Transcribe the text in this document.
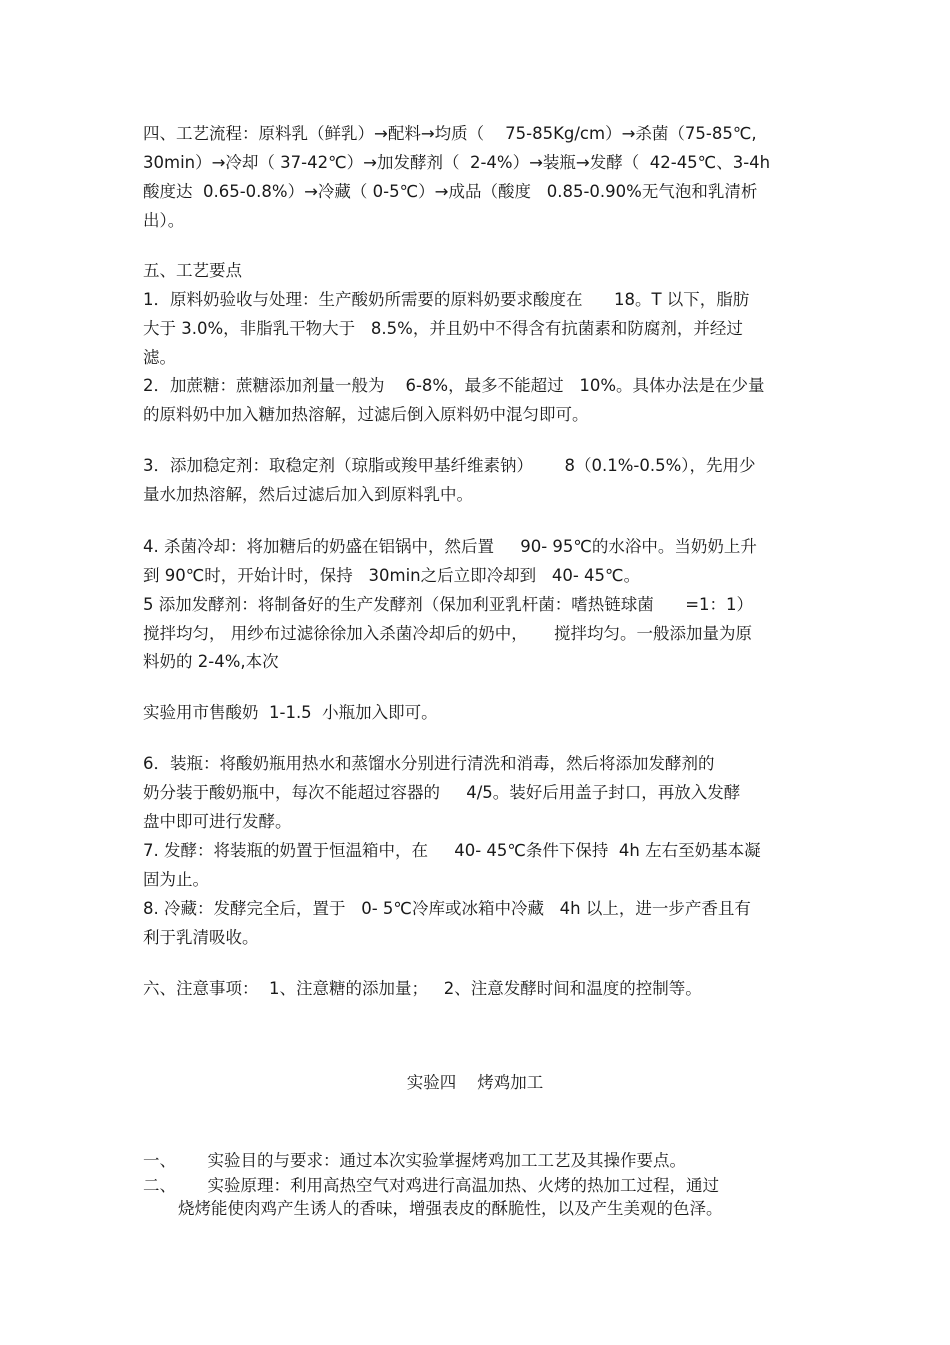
四、工艺流程：原料乳（鲜乳）→配料→均质（    75-85Kg/cm）→杀菌（75-85℃,

30min）→冷却（ 37-42℃）→加发酵剂（  2-4%）→装瓶→发酵（  42-45℃、3-4h

酸度达  0.65-0.8%）→冷藏（ 0-5℃）→成品（酸度   0.85-0.90%无气泡和乳清析

出）。

五、工艺要点

1．原料奶验收与处理：生产酸奶所需要的原料奶要求酸度在      18。T 以下，脂肪

大于 3.0%，非脂乳干物大于   8.5%，并且奶中不得含有抗菌素和防腐剂，并经过

滤。

2．加蔗糖：蔗糖添加剂量一般为    6-8%，最多不能超过   10%。具体办法是在少量

的原料奶中加入糖加热溶解，过滤后倒入原料奶中混匀即可。

3．添加稳定剂：取稳定剂（琼脂或羧甲基纤维素钠）      8（0.1%-0.5%），先用少

量水加热溶解，然后过滤后加入到原料乳中。

4. 杀菌冷却：将加糖后的奶盛在铝锅中，然后置     90- 95℃的水浴中。当奶奶上升

到 90℃时，开始计时，保持   30min之后立即冷却到   40- 45℃。

5 添加发酵剂：将制备好的生产发酵剂（保加利亚乳杆菌：嗜热链球菌      =1：1）

搅拌均匀， 用纱布过滤徐徐加入杀菌冷却后的奶中，     搅拌均匀。一般添加量为原

料奶的 2-4%,本次

实验用市售酸奶  1-1.5  小瓶加入即可。

6．装瓶：将酸奶瓶用热水和蒸馏水分别进行清洗和消毒，然后将添加发酵剂的

奶分装于酸奶瓶中，每次不能超过容器的     4/5。装好后用盖子封口，再放入发酵

盘中即可进行发酵。

7. 发酵：将装瓶的奶置于恒温箱中，在     40- 45℃条件下保持  4h 左右至奶基本凝

固为止。

8. 冷藏：发酵完全后，置于   0- 5℃冷库或冰箱中冷藏   4h 以上，进一步产香且有

利于乳清吸收。

六、注意事项：  1、注意糖的添加量；   2、注意发酵时间和温度的控制等。

实验四    烤鸡加工

一、      实验目的与要求：通过本次实验掌握烤鸡加工工艺及其操作要点。

二、      实验原理：利用高热空气对鸡进行高温加热、火烤的热加工过程，通过

烧烤能使肉鸡产生诱人的香味，增强表皮的酥脆性，以及产生美观的色泽。
